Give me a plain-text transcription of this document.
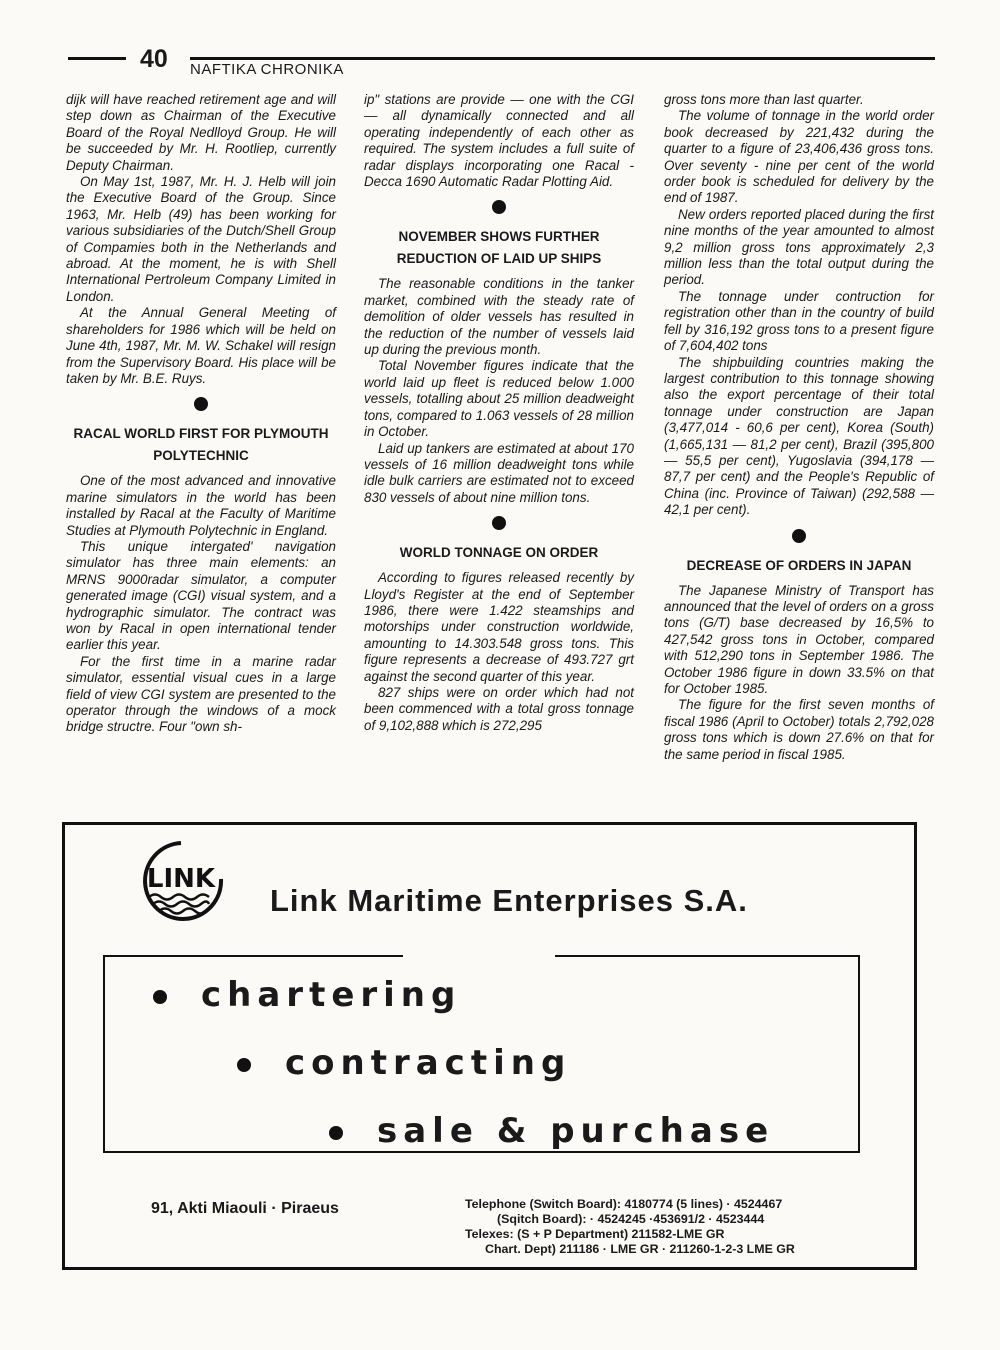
40 NAFTIKA CHRONIKA

dijk will have reached retirement age and will step down as Chairman of the Executive Board of the Royal Nedlloyd Group. He will be succeeded by Mr. H. Rootliep, currently Deputy Chairman.

On May 1st, 1987, Mr. H. J. Helb will join the Executive Board of the Group. Since 1963, Mr. Helb (49) has been working for various subsidiaries of the Dutch/Shell Group of Compamies both in the Netherlands and abroad. At the moment, he is with Shell International Pertroleum Company Limited in London.

At the Annual General Meeting of shareholders for 1986 which will be held on June 4th, 1987, Mr. M. W. Schakel will resign from the Supervisory Board. His place will be taken by Mr. B.E. Ruys.

RACAL WORLD FIRST FOR PLYMOUTH
POLYTECHNIC

One of the most advanced and innovative marine simulators in the world has been installed by Racal at the Faculty of Maritime Studies at Plymouth Polytechnic in England.

This unique intergated' navigation simulator has three main elements: an MRNS 9000radar simulator, a computer generated image (CGI) visual system, and a hydrographic simulator. The contract was won by Racal in open international tender earlier this year.

For the first time in a marine radar simulator, essential visual cues in a large field of view CGI system are presented to the operator through the windows of a mock bridge structre. Four "own sh-

ip" stations are provide — one with the CGI — all dynamically connected and all operating independently of each other as required. The system includes a full suite of radar displays incorporating one Racal - Decca 1690 Automatic Radar Plotting Aid.

NOVEMBER SHOWS FURTHER REDUCTION OF LAID UP SHIPS

The reasonable conditions in the tanker market, combined with the steady rate of demolition of older vessels has resulted in the reduction of the number of vessels laid up during the previous month.

Total November figures indicate that the world laid up fleet is reduced below 1.000 vessels, totalling about 25 million deadweight tons, compared to 1.063 vessels of 28 million in October.

Laid up tankers are estimated at about 170 vessels of 16 million deadweight tons while idle bulk carriers are estimated not to exceed 830 vessels of about nine million tons.

WORLD TONNAGE ON ORDER

According to figures released recently by Lloyd's Register at the end of September 1986, there were 1.422 steamships and motorships under construction worldwide, amounting to 14.303.548 gross tons. This figure represents a decrease of 493.727 grt against the second quarter of this year.

827 ships were on order which had not been commenced with a total gross tonnage of 9,102,888 which is 272,295

gross tons more than last quarter.

The volume of tonnage in the world order book decreased by 221,432 during the quarter to a figure of 23,406,436 gross tons. Over seventy - nine per cent of the world order book is scheduled for delivery by the end of 1987.

New orders reported placed during the first nine months of the year amounted to almost 9,2 million gross tons approximately 2,3 million less than the total output during the period.

The tonnage under contruction for registration other than in the country of build fell by 316,192 gross tons to a present figure of 7,604,402 tons

The shipbuilding countries making the largest contribution to this tonnage showing also the export percentage of their total tonnage under construction are Japan (3,477,014 - 60,6 per cent), Korea (South) (1,665,131 — 81,2 per cent), Brazil (395,800 — 55,5 per cent), Yugoslavia (394,178 — 87,7 per cent) and the People's Republic of China (inc. Province of Taiwan) (292,588 — 42,1 per cent).

DECREASE OF ORDERS IN JAPAN

The Japanese Ministry of Transport has announced that the level of orders on a gross tons (G/T) base decreased by 16,5% to 427,542 gross tons in October, compared with 512,290 tons in September 1986. The October 1986 figure in down 33.5% on that for October 1985.

The figure for the first seven months of fiscal 1986 (April to October) totals 2,792,028 gross tons which is down 27.6% on that for the same period in fiscal 1985.

LINK
Link Maritime Enterprises S.A.
chartering
contracting
sale & purchase
91, Akti Miaouli · Piraeus	Telephone (Switch Board): 4180774 (5 lines) · 4524467
(Sqitch Board): · 4524245 ·453691/2 · 4523444
Telexes: (S + P Department) 211582-LME GR
Chart. Dept) 211186 · LME GR · 211260-1-2-3 LME GR
